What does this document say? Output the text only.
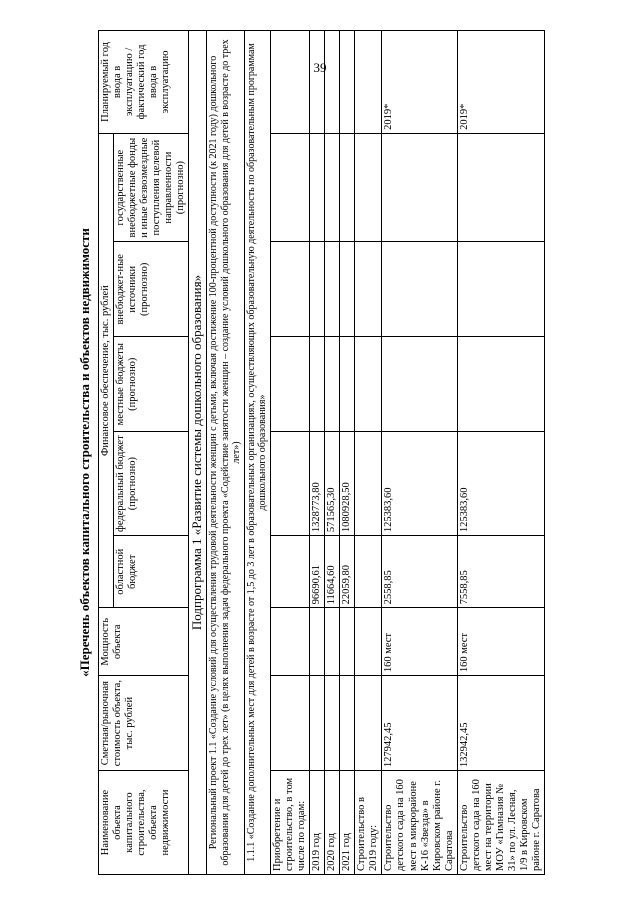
39
«Перечень объектов капитального строительства и объектов недвижимости
Наименование объекта капитального строительства, объекта недвижимости	Сметная/рыночная стоимость объекта, тыс. рублей	Мощность объекта	Финансовое обеспечение, тыс. рублей					Планируемый год ввода в эксплуатацию / фактический год ввода в эксплуатацию
			областной бюджет	федеральный бюджет (прогнозно)	местные бюджеты (прогнозно)	внебюджет-ные источники (прогнозно)	государственные внебюджетные фонды и иные безвозмездные поступления целевой направленности (прогнозно)	
Подпрограмма 1 «Развитие системы дошкольного образования»								
Региональный проект 1.1 «Создание условий для осуществления трудовой деятельности женщин с детьми, включая достижение 100-процентной доступности (к 2021 году) дошкольного образования для детей до трех лет» (в целях выполнения задач федерального проекта «Содействие занятости женщин – создание условий дошкольного образования для детей в возрасте до трех лет»)								
1.1.1 «Создание дополнительных мест для детей в возрасте от 1,5 до 3 лет в образовательных организациях, осуществляющих образовательную деятельность по образовательным программам дошкольного образования»								
Приобретение и строительство, в том числе по годам:								
2019 год			96690,61	1328773,80				
2020 год			11664,60	571565,30				
2021 год			22059,80	1080928,50				
Строительство в 2019 году:								
Строительство детского сада на 160 мест в микрорайоне К-16 «Звезда» в Кировском районе г. Саратова	127942,45	160 мест	2558,85	125383,60				2019*
Строительство детского сада на 160 мест на территории МОУ «Гимназия № 31» по ул. Лесная, 1/9 в Кировском районе г. Саратова	132942,45	160 мест	7558,85	125383,60				2019*
